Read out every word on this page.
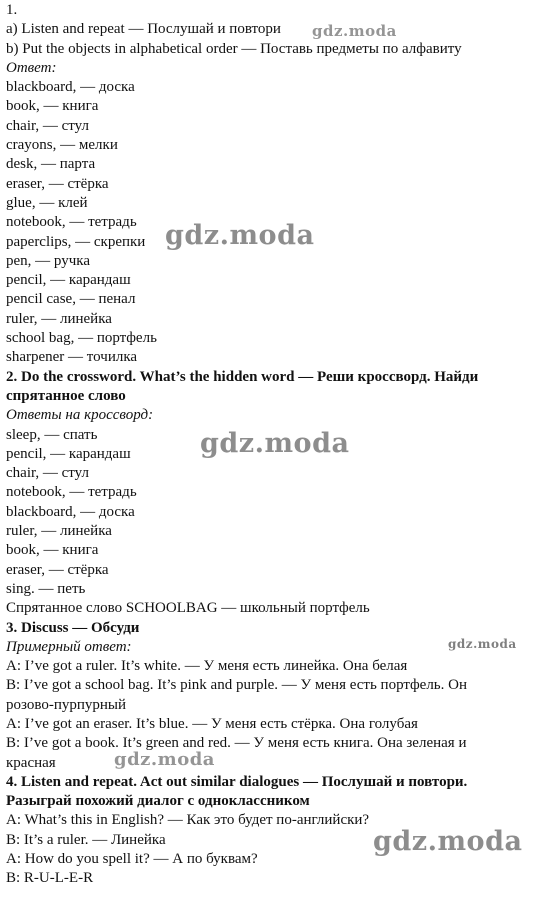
1.
a) Listen and repeat — Послушай и повтори
b) Put the objects in alphabetical order — Поставь предметы по алфавиту
Ответ:
blackboard, — доска
book, — книга
chair, — стул
crayons, — мелки
desk, — парта
eraser, — стёрка
glue, — клей
notebook, — тетрадь
paperclips, — скрепки
pen, — ручка
pencil, — карандаш
pencil case, — пенал
ruler, — линейка
school bag, — портфель
sharpener — точилка
2. Do the crossword. What’s the hidden word — Реши кроссворд. Найди
спрятанное слово
Ответы на кроссворд:
sleep, — спать
pencil, — карандаш
chair, — стул
notebook, — тетрадь
blackboard, — доска
ruler, — линейка
book, — книга
eraser, — стёрка
sing. — петь
Спрятанное слово SCHOOLBAG — школьный портфель
3. Discuss — Обсуди
Примерный ответ:
A: I’ve got a ruler. It’s white. — У меня есть линейка. Она белая
B: I’ve got a school bag. It’s pink and purple. — У меня есть портфель. Он
розово-пурпурный
A: I’ve got an eraser. It’s blue. — У меня есть стёрка. Она голубая
B: I’ve got a book. It’s green and red. — У меня есть книга. Она зеленая и
красная
4. Listen and repeat. Act out similar dialogues — Послушай и повтори.
Разыграй похожий диалог с одноклассником
A: What’s this in English? — Как это будет по-английски?
B: It’s a ruler. — Линейка
A: How do you spell it? — А по буквам?
B: R-U-L-E-R
gdz.moda
gdz.moda
gdz.moda
gdz.moda
gdz.moda
gdz.moda
